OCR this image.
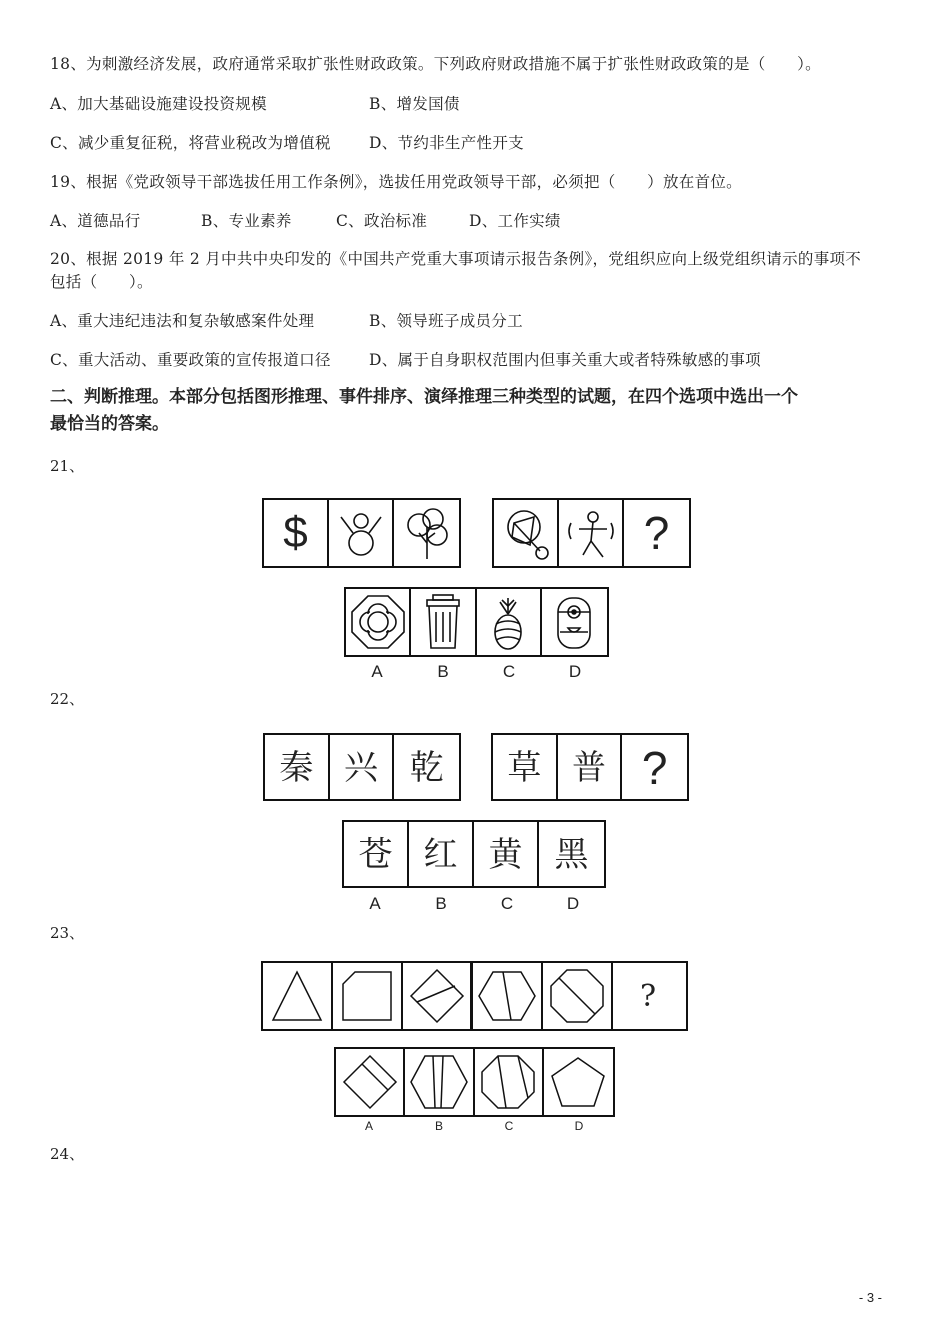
18、为刺激经济发展，政府通常采取扩张性财政政策。下列政府财政措施不属于扩张性财政政策的是（　　）。
A、加大基础设施建设投资规模	B、增发国债
C、减少重复征税，将营业税改为增值税 D、节约非生产性开支
19、根据《党政领导干部选拔任用工作条例》，选拔任用党政领导干部，必须把（　　）放在首位。
A、道德品行	B、专业素养	C、政治标准	D、工作实绩
20、根据 2019 年 2 月中共中央印发的《中国共产党重大事项请示报告条例》，党组织应向上级党组织请示的事项不
包括（　　）。
A、重大违纪违法和复杂敏感案件处理	B、领导班子成员分工
C、重大活动、重要政策的宣传报道口径 D、属于自身职权范围内但事关重大或者特殊敏感的事项
二、判断推理。本部分包括图形推理、事件排序、演绎推理三种类型的试题，在四个选项中选出一个
最恰当的答案。
21、
$	?
A	B	C	D
22、
秦 兴 乾 草 普 ?
苍 红 黄 黑
A	B	C	D
23、
?
A	B	C	D
24、
- 3 -
